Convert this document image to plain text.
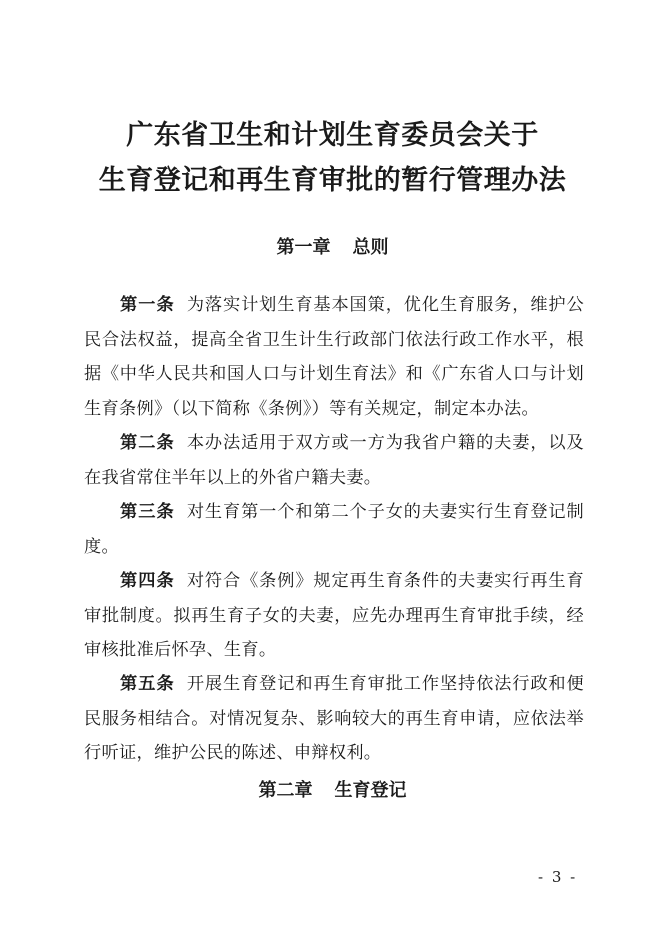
广东省卫生和计划生育委员会关于
生育登记和再生育审批的暂行管理办法
第一章 总则
第一条 为落实计划生育基本国策，优化生育服务，维护公民合法权益，提高全省卫生计生行政部门依法行政工作水平，根据《中华人民共和国人口与计划生育法》和《广东省人口与计划生育条例》（以下简称《条例》）等有关规定，制定本办法。
第二条 本办法适用于双方或一方为我省户籍的夫妻，以及在我省常住半年以上的外省户籍夫妻。
第三条 对生育第一个和第二个子女的夫妻实行生育登记制度。
第四条 对符合《条例》规定再生育条件的夫妻实行再生育审批制度。拟再生育子女的夫妻，应先办理再生育审批手续，经审核批准后怀孕、生育。
第五条 开展生育登记和再生育审批工作坚持依法行政和便民服务相结合。对情况复杂、影响较大的再生育申请，应依法举行听证，维护公民的陈述、申辩权利。
第二章 生育登记
- 3 -
